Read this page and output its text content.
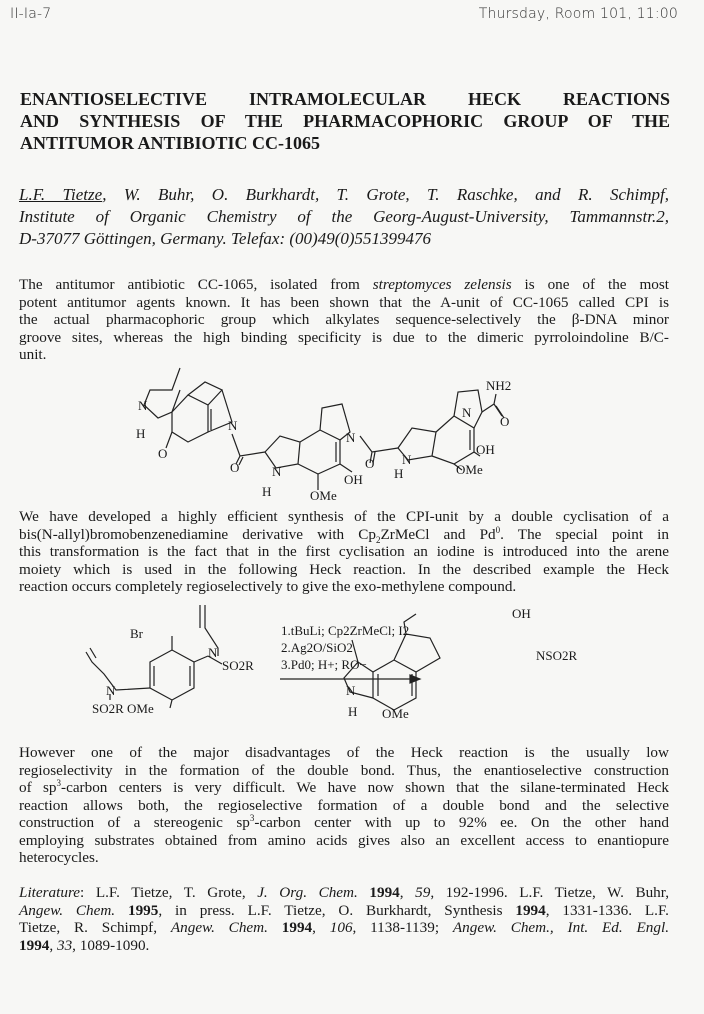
II-Ia-7	Thursday, Room 101, 11:00
ENANTIOSELECTIVE INTRAMOLECULAR HECK REACTIONS
AND SYNTHESIS OF THE PHARMACOPHORIC GROUP OF THE
ANTITUMOR ANTIBIOTIC CC-1065
L.F. Tietze, W. Buhr, O. Burkhardt, T. Grote, T. Raschke, and R. Schimpf,
Institute of Organic Chemistry of the Georg-August-University, Tammannstr.2,
D-37077 Göttingen, Germany. Telefax: (00)49(0)551399476
The antitumor antibiotic CC-1065, isolated from streptomyces zelensis is one of the most
potent antitumor agents known. It has been shown that the A-unit of CC-1065 called CPI is
the actual pharmacophoric group which alkylates sequence-selectively the β-DNA minor
groove sites, whereas the high binding specificity is due to the dimeric pyrroloindoline B/C-
unit.
NH2
N
O
OH
OMe
N
H
O
N
OH
OMe
N
H
O
N
O
N
H
We have developed a highly efficient synthesis of the CPI-unit by a double cyclisation of a
bis(N-allyl)bromobenzenediamine derivative with $Cp_2ZrMeCl$ and Pd$^0$. The special point in
this transformation is the fact that in the first cyclisation an iodine is introduced into the arene
moiety which is used in the following Heck reaction. In the described example the Heck
reaction occurs completely regioselectively to give the exo-methylene compound.
Br
N
SO2R
N
SO2R OMe
1.tBuLi; Cp2ZrMeCl; I2
2.Ag2O/SiO2
3.Pd0; H+; RO−
OH
NSO2R
N
H OMe
However one of the major disadvantages of the Heck reaction is the usually low
regioselectivity in the formation of the double bond. Thus, the enantioselective construction
of $sp^3$-carbon centers is very difficult. We have now shown that the silane-terminated Heck
reaction allows both, the regioselective formation of a double bond and the selective
construction of a stereogenic $sp^3$-carbon center with up to 92% ee. On the other hand
employing substrates obtained from amino acids gives also an excellent access to enantiopure
heterocycles.
Literature: L.F. Tietze, T. Grote, J. Org. Chem. 1994, 59, 192-1996. L.F. Tietze, W. Buhr,
Angew. Chem. 1995, in press. L.F. Tietze, O. Burkhardt, Synthesis 1994, 1331-1336. L.F.
Tietze, R. Schimpf, Angew. Chem. 1994, 106, 1138-1139; Angew. Chem., Int. Ed. Engl.
1994, 33, 1089-1090.
